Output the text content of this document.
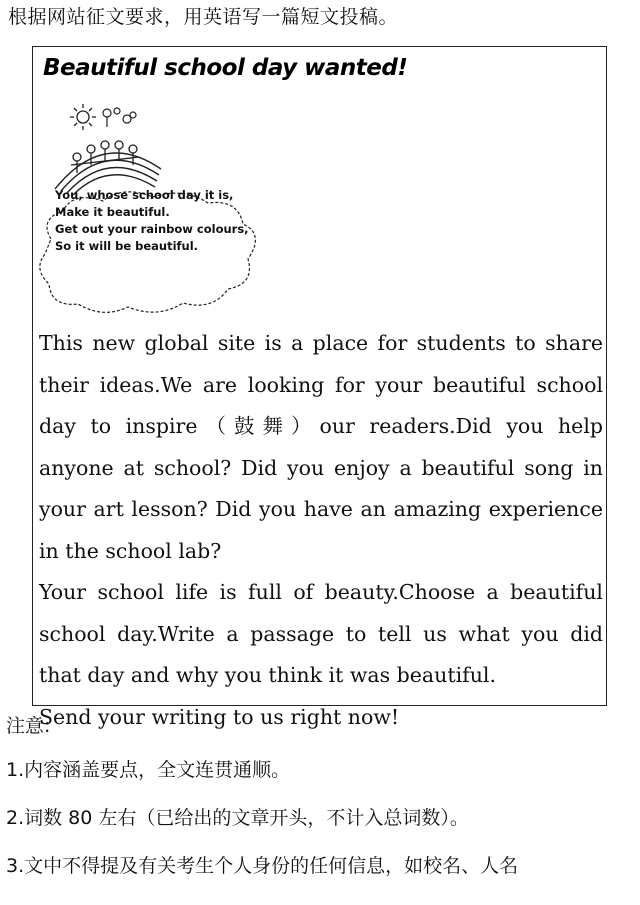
根据网站征文要求，用英语写一篇短文投稿。
Beautiful school day wanted!
You, whose school day it is,
Make it beautiful.
Get out your rainbow colours,
So it will be beautiful.

This new global site is a place for students to share their ideas.We are looking for your beautiful school day to inspire（鼓舞）our readers.Did you help anyone at school? Did you enjoy a beautiful song in your art lesson? Did you have an amazing experience in the school lab?

Your school life is full of beauty.Choose a beautiful school day.Write a passage to tell us what you did that day and why you think it was beautiful.

Send your writing to us right now!

注意:
1.内容涵盖要点，全文连贯通顺。
2.词数 80 左右（已给出的文章开头，不计入总词数）。
3.文中不得提及有关考生个人身份的任何信息，如校名、人名
